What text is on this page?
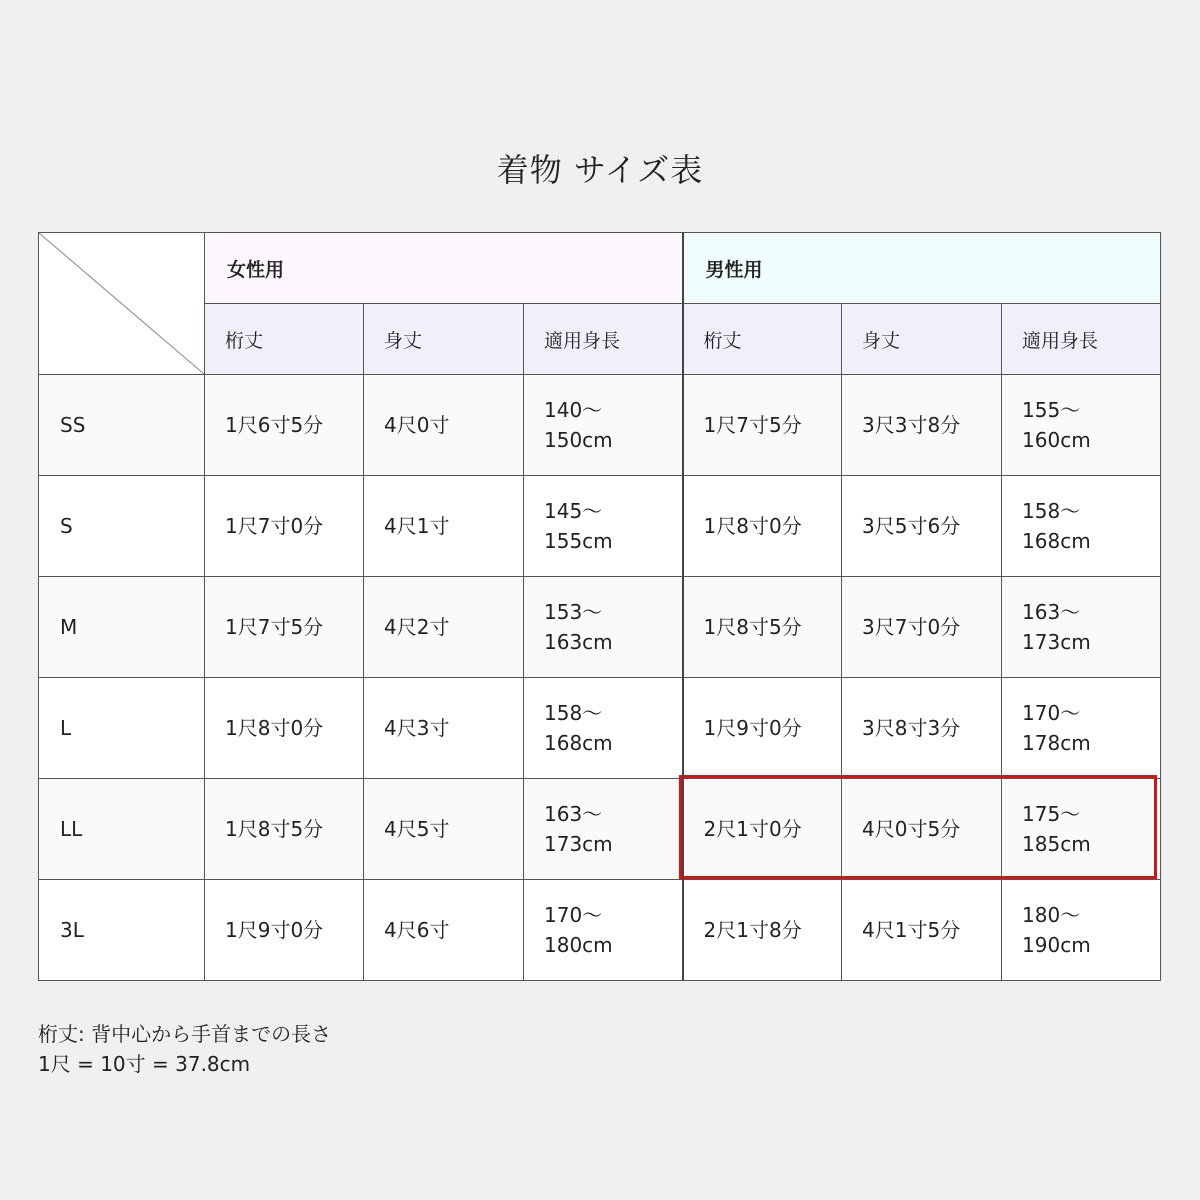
着物 サイズ表

女性用			男性用		

	桁丈	身丈	適用身長	桁丈	身丈	適用身長

SS	1尺6寸5分	4尺0寸	140〜
150cm	1尺7寸5分	3尺3寸8分	155〜
160cm

S	1尺7寸0分	4尺1寸	145〜
155cm	1尺8寸0分	3尺5寸6分	158〜
168cm

M	1尺7寸5分	4尺2寸	153〜
163cm	1尺8寸5分	3尺7寸0分	163〜
173cm

L	1尺8寸0分	4尺3寸	158〜
168cm	1尺9寸0分	3尺8寸3分	170〜
178cm

LL	1尺8寸5分	4尺5寸	163〜
173cm	2尺1寸0分	4尺0寸5分	175〜
185cm

3L	1尺9寸0分	4尺6寸	170〜
180cm	2尺1寸8分	4尺1寸5分	180〜
190cm
桁丈: 背中心から手首までの長さ
1尺 = 10寸 = 37.8cm
